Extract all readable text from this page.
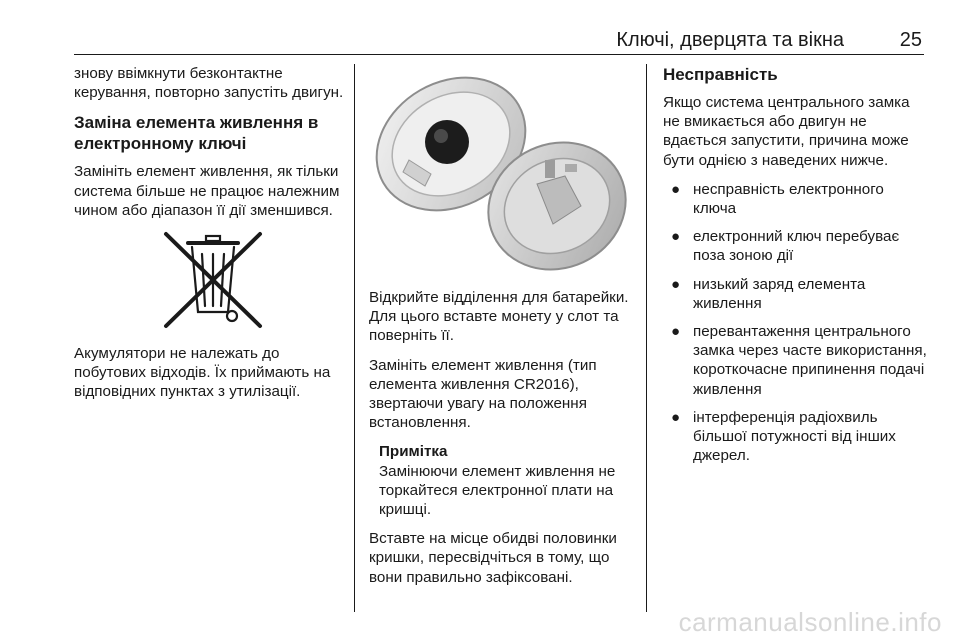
Ключі, дверцята та вікна	25

знову ввімкнути безконтактне керування, повторно запустіть двигун.

Заміна елемента живлення в електронному ключі

Замініть елемент живлення, як тільки система більше не працює належним чином або діапазон її дії зменшився.

Акумулятори не належать до побутових відходів. Їх приймають на відповідних пунктах з утилізації.

Відкрийте відділення для батарейки. Для цього вставте монету у слот та поверніть її.

Замініть елемент живлення (тип елемента живлення CR2016), звертаючи увагу на положення встановлення.

Примітка
Замінюючи елемент живлення не торкайтеся електронної плати на кришці.

Вставте на місце обидві половинки кришки, пересвідчіться в тому, що вони правильно зафіксовані.

Несправність

Якщо система центрального замка не вмикається або двигун не вдається запустити, причина може бути однією з наведених нижче.

● несправність електронного ключа
● електронний ключ перебуває поза зоною дії
● низький заряд елемента живлення
● перевантаження центрального замка через часте використання, короткочасне припинення подачі живлення
● інтерференція радіохвиль більшої потужності від інших джерел.
carmanualsonline.info
